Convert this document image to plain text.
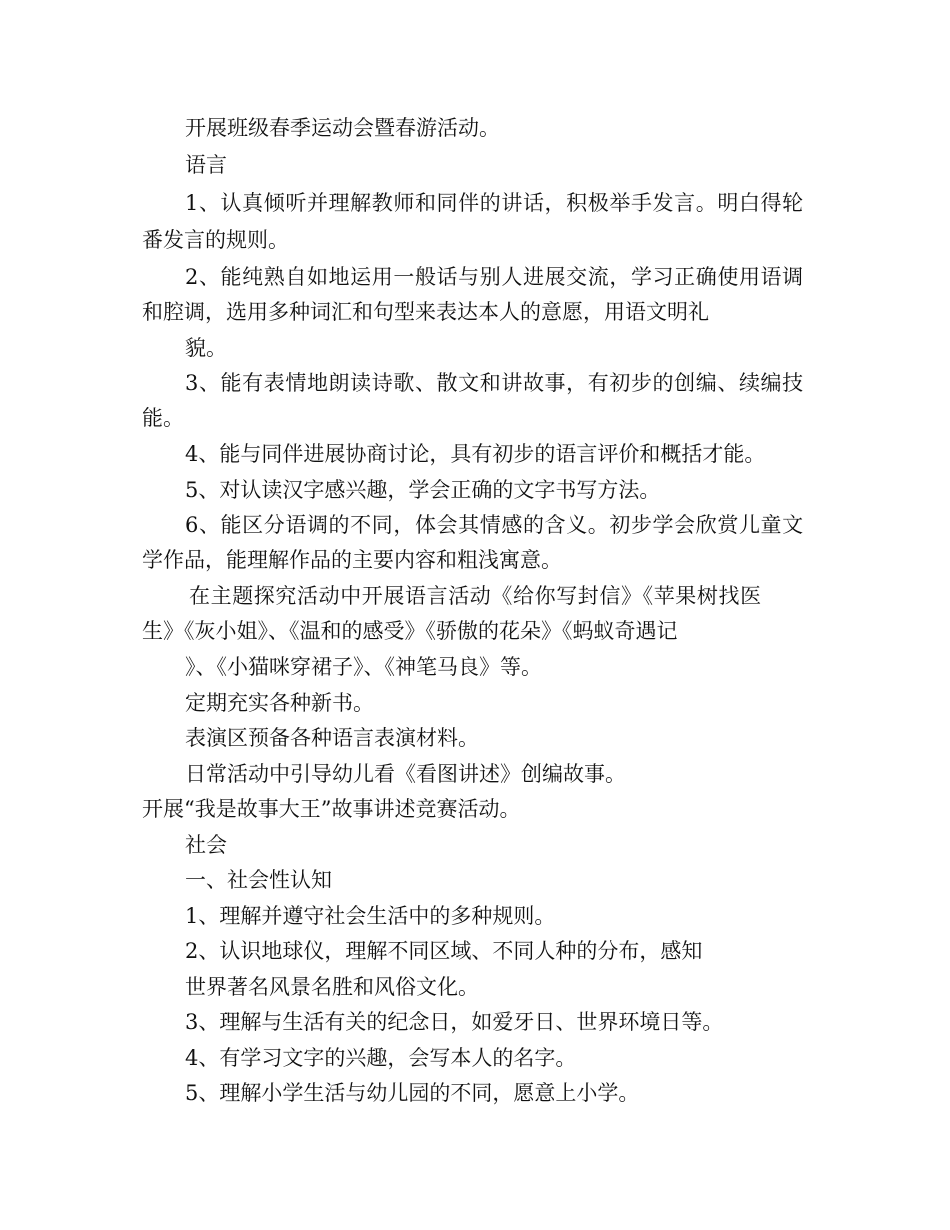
开展班级春季运动会暨春游活动。

语言

1、认真倾听并理解教师和同伴的讲话，积极举手发言。明白得轮

番发言的规则。

2、能纯熟自如地运用一般话与别人进展交流，学习正确使用语调

和腔调，选用多种词汇和句型来表达本人的意愿，用语文明礼

貌。

3、能有表情地朗读诗歌、散文和讲故事，有初步的创编、续编技

能。

4、能与同伴进展协商讨论，具有初步的语言评价和概括才能。

5、对认读汉字感兴趣，学会正确的文字书写方法。

6、能区分语调的不同，体会其情感的含义。初步学会欣赏儿童文

学作品，能理解作品的主要内容和粗浅寓意。

在主题探究活动中开展语言活动《给你写封信》《苹果树找医

生》《灰小姐》、《温和的感受》《骄傲的花朵》《蚂蚁奇遇记

》、《小猫咪穿裙子》、《神笔马良》等。

定期充实各种新书。

表演区预备各种语言表演材料。

日常活动中引导幼儿看《看图讲述》创编故事。

开展“我是故事大王”故事讲述竞赛活动。

社会

一、社会性认知

1、理解并遵守社会生活中的多种规则。

2、认识地球仪，理解不同区域、不同人种的分布，感知

世界著名风景名胜和风俗文化。

3、理解与生活有关的纪念日，如爱牙日、世界环境日等。

4、有学习文字的兴趣，会写本人的名字。

5、理解小学生活与幼儿园的不同，愿意上小学。
